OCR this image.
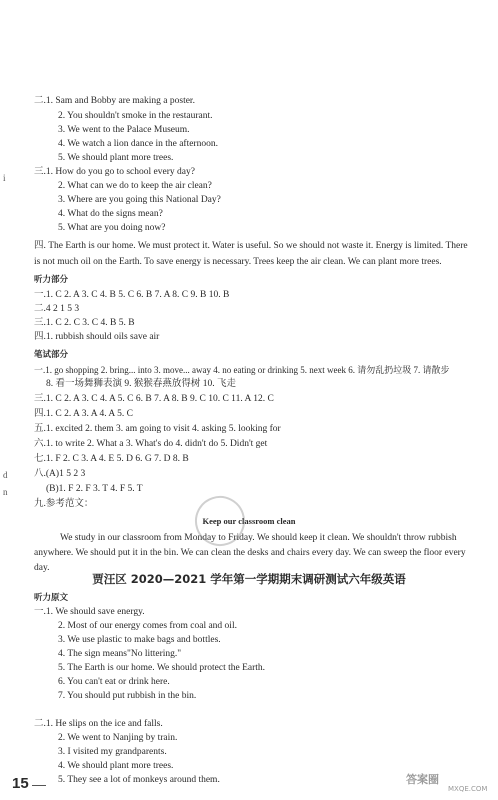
二.1. Sam and Bobby are making a poster.
2. You shouldn't smoke in the restaurant.
3. We went to the Palace Museum.
4. We watch a lion dance in the afternoon.
5. We should plant more trees.
三.1. How do you go to school every day?
2. What can we do to keep the air clean?
3. Where are you going this National Day?
4. What do the signs mean?
5. What are you doing now?
四. The Earth is our home. We must protect it. Water is useful. So we should not waste it. Energy is limited. There is not much oil on the Earth. To save energy is necessary. Trees keep the air clean. We can plant more trees.
听力部分
一.1. C 2. A 3. C 4. B 5. C 6. B 7. A 8. C 9. B 10. B
二.4 2 1 5 3
三.1. C 2. C 3. C 4. B 5. B
四.1. rubbish should oils save air
笔试部分
一.1. go shopping 2. bring... into 3. move... away 4. no eating or drinking 5. next week 6. 请勿乱扔垃圾 7. 请散步
8. 看一场舞狮表演 9. 猴猴春燕放得树 10. 飞走
三.1. C 2. A 3. C 4. A 5. C 6. B 7. A 8. B 9. C 10. C 11. A 12. C
四.1. C 2. A 3. A 4. A 5. C
五.1. excited 2. them 3. am going to visit 4. asking 5. looking for
六.1. to write 2. What a 3. What's do 4. didn't do 5. Didn't get
七.1. F 2. C 3. A 4. E 5. D 6. G 7. D 8. B
八.(A)1 5 2 3
(B)1. F 2. F 3. T 4. F 5. T
九.参考范文：
Keep our classroom clean
We study in our classroom from Monday to Friday. We should keep it clean. We shouldn't throw rubbish anywhere. We should put it in the bin. We can clean the desks and chairs every day. We can sweep the floor every day.
贾汪区 2020—2021 学年第一学期期末调研测试六年级英语
听力原文
一.1. We should save energy.
2. Most of our energy comes from coal and oil.
3. We use plastic to make bags and bottles.
4. The sign means"No littering."
5. The Earth is our home. We should protect the Earth.
6. You can't eat or drink here.
7. You should put rubbish in the bin.
二.1. He slips on the ice and falls.
2. We went to Nanjing by train.
3. I visited my grandparents.
4. We should plant more trees.
5. They see a lot of monkeys around them.
15
i
d
n
答案圈
MXQE.COM
